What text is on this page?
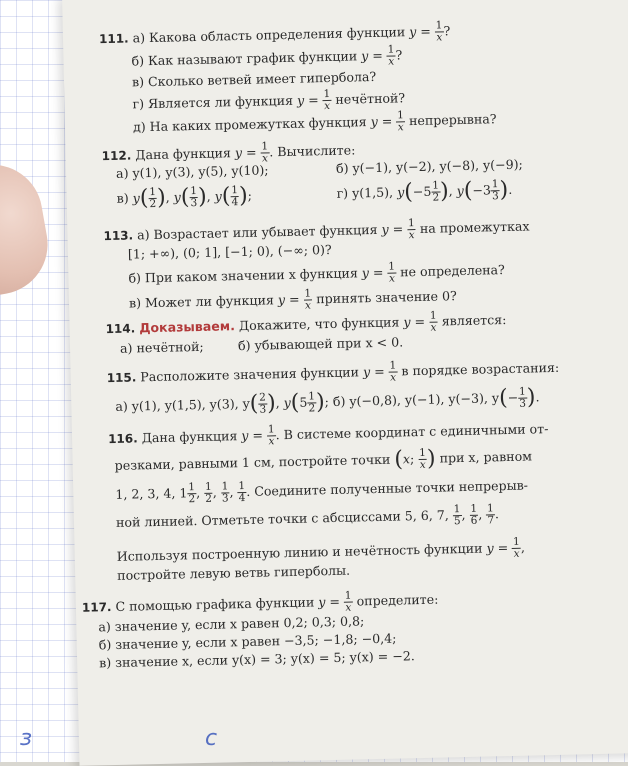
111. а) Какова область определения функции $y = \frac{1}{x}$ ?
б) Как называют график функции $y = \frac{1}{x}$ ?
в) Сколько ветвей имеет гипербола?
г) Является ли функция $y = \frac{1}{x}$ нечётной?
д) На каких промежутках функция $y = \frac{1}{x}$ непрерывна?
112. Дана функция $y = \frac{1}{x}$ . Вычислите:
а) y(1), y(3), y(5), y(10);	б) y(−1), y(−2), y(−8), y(−9);
в) $y( \frac{1}{2}$ ), $y( \frac{1}{3}$ ), $y( \frac{1}{4}$ );	г) y(1,5), $y(-5 \frac{1}{2}$ ), $y(-3 \frac{1}{3}$ ).
113. а) Возрастает или убывает функция $y = \frac{1}{x}$ на промежутках
[1; +∞), (0; 1], [−1; 0), (−∞; 0)?
б) При каком значении x функция $y = \frac{1}{x}$ не определена?
в) Может ли функция $y = \frac{1}{x}$ принять значение 0?
114. Доказываем. Докажите, что функция $y = \frac{1}{x}$ является:
а) нечётной;	б) убывающей при x < 0.
115. Расположите значения функции $y = \frac{1}{x}$ в порядке возрастания:
а) y(1), y(1,5), y(3), $y( \frac{2}{3}$ ), $y(5 \frac{1}{2}$ ); б) y(−0,8), y(−1), y(−3), $y(- \frac{1}{3}$ ).
116. Дана функция $y = \frac{1}{x}$ . В системе координат с единичными от-
резками, равными 1 см, постройте точки (x; $\frac{1}{x}$ ) при x, равном
1, 2, 3, 4, $1 \frac{1}{2}$ , $\frac{1}{2}$ , $\frac{1}{3}$ , $\frac{1}{4}$ . Соедините полученные точки непрерыв-
ной линией. Отметьте точки с абсциссами 5, 6, 7, $\frac{1}{5}$ , $\frac{1}{6}$ , $\frac{1}{7}$ .
Используя построенную линию и нечётность функции $y = \frac{1}{x}$ ,
постройте левую ветвь гиперболы.
117. С помощью графика функции $y = \frac{1}{x}$ определите:
а) значение y, если x равен 0,2; 0,3; 0,8;
б) значение y, если x равен −3,5; −1,8; −0,4;
в) значение x, если y(x) = 3; y(x) = 5; y(x) = −2.
ɜ	c
